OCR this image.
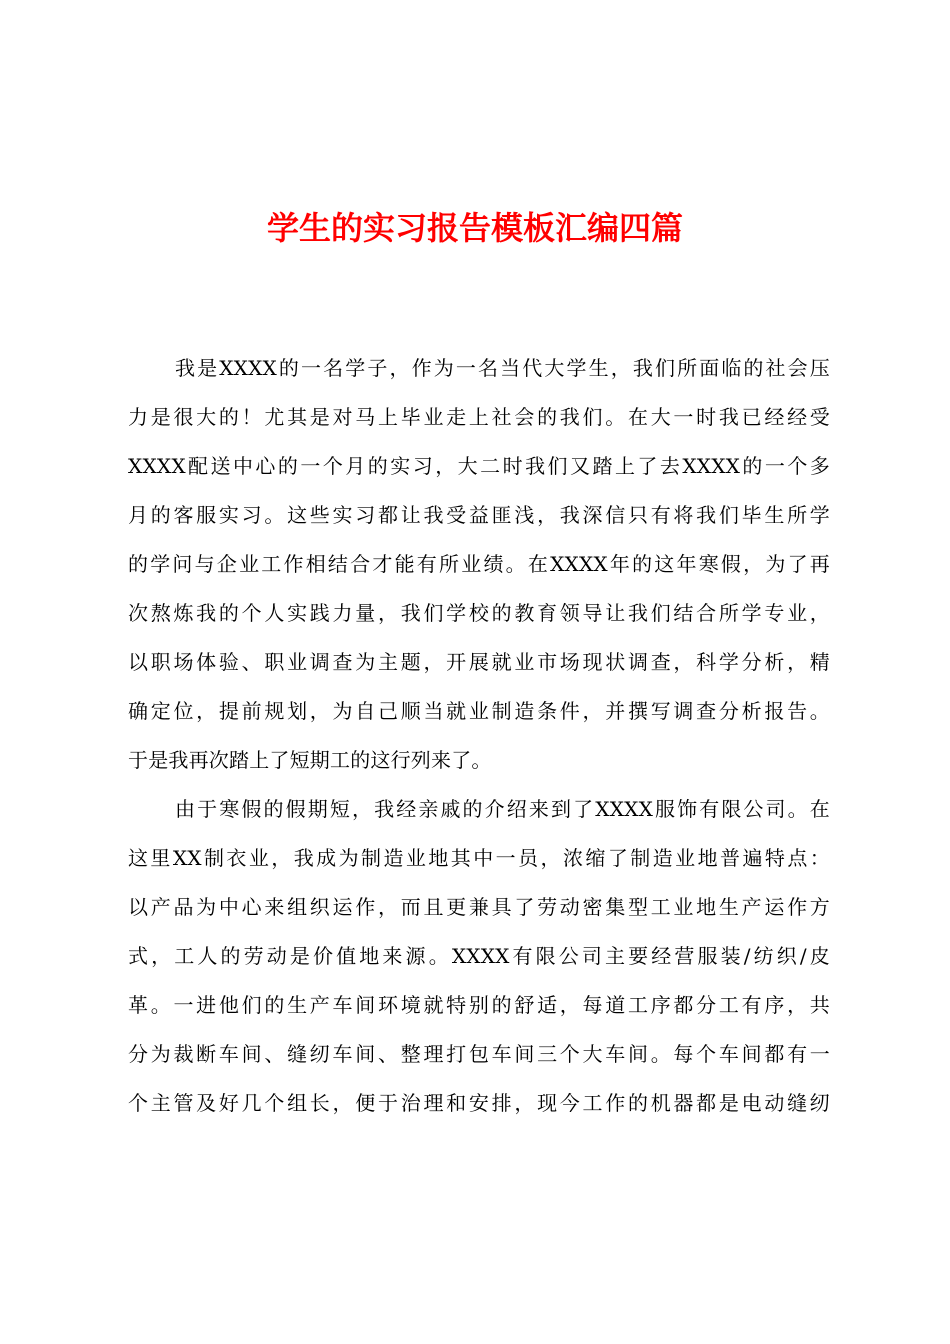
学生的实习报告模板汇编四篇
我是XXXX的一名学子，作为一名当代大学生，我们所面临的社会压
力是很大的！尤其是对马上毕业走上社会的我们。在大一时我已经经受
XXXX配送中心的一个月的实习，大二时我们又踏上了去XXXX的一个多
月的客服实习。这些实习都让我受益匪浅，我深信只有将我们毕生所学
的学问与企业工作相结合才能有所业绩。在XXXX年的这年寒假，为了再
次熬炼我的个人实践力量，我们学校的教育领导让我们结合所学专业，
以职场体验、职业调查为主题，开展就业市场现状调查，科学分析，精
确定位，提前规划，为自己顺当就业制造条件，并撰写调查分析报告。
于是我再次踏上了短期工的这行列来了。
由于寒假的假期短，我经亲戚的介绍来到了XXXX服饰有限公司。在
这里XX制衣业，我成为制造业地其中一员，浓缩了制造业地普遍特点：
以产品为中心来组织运作，而且更兼具了劳动密集型工业地生产运作方
式，工人的劳动是价值地来源。XXXX有限公司主要经营服装/纺织/皮
革。一进他们的生产车间环境就特别的舒适，每道工序都分工有序，共
分为裁断车间、缝纫车间、整理打包车间三个大车间。每个车间都有一
个主管及好几个组长，便于治理和安排，现今工作的机器都是电动缝纫
